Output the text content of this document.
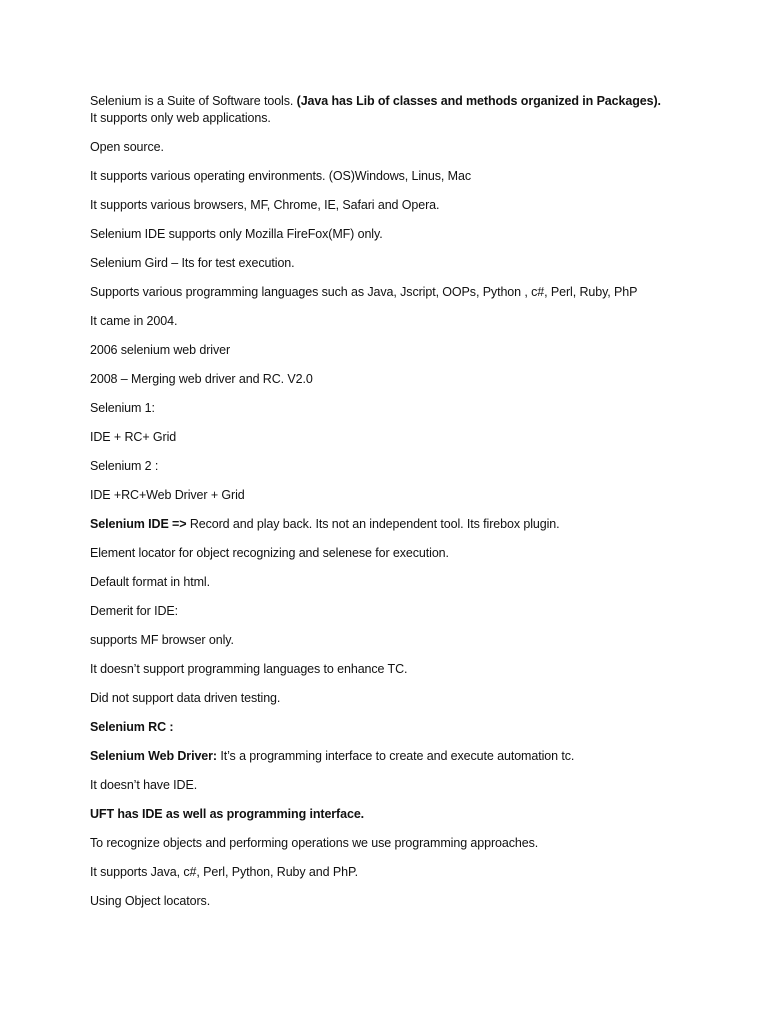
Selenium is a Suite of Software tools. (Java has Lib of classes and methods organized in Packages).
It supports only web applications.
Open source.
It supports various operating environments. (OS)Windows, Linus, Mac
It supports various browsers, MF, Chrome, IE, Safari and Opera.
Selenium IDE supports only Mozilla FireFox(MF) only.
Selenium Gird – Its for test execution.
Supports various programming languages such as Java, Jscript, OOPs, Python , c#, Perl, Ruby, PhP
It came in 2004.
2006 selenium web driver
2008 – Merging web driver and RC. V2.0
Selenium 1:
IDE + RC+ Grid
Selenium 2 :
IDE +RC+Web Driver + Grid
Selenium IDE => Record and play back. Its not an independent tool. Its firebox plugin.
Element locator for object recognizing and selenese for execution.
Default format in html.
Demerit for IDE:
supports MF browser only.
It doesn’t support programming languages to enhance TC.
Did not support data driven testing.
Selenium RC :
Selenium Web Driver: It’s a programming interface to create and execute automation tc.
It doesn’t have IDE.
UFT has IDE as well as programming interface.
To recognize objects and performing operations we use programming approaches.
It supports Java, c#, Perl, Python, Ruby and PhP.
Using Object locators.
